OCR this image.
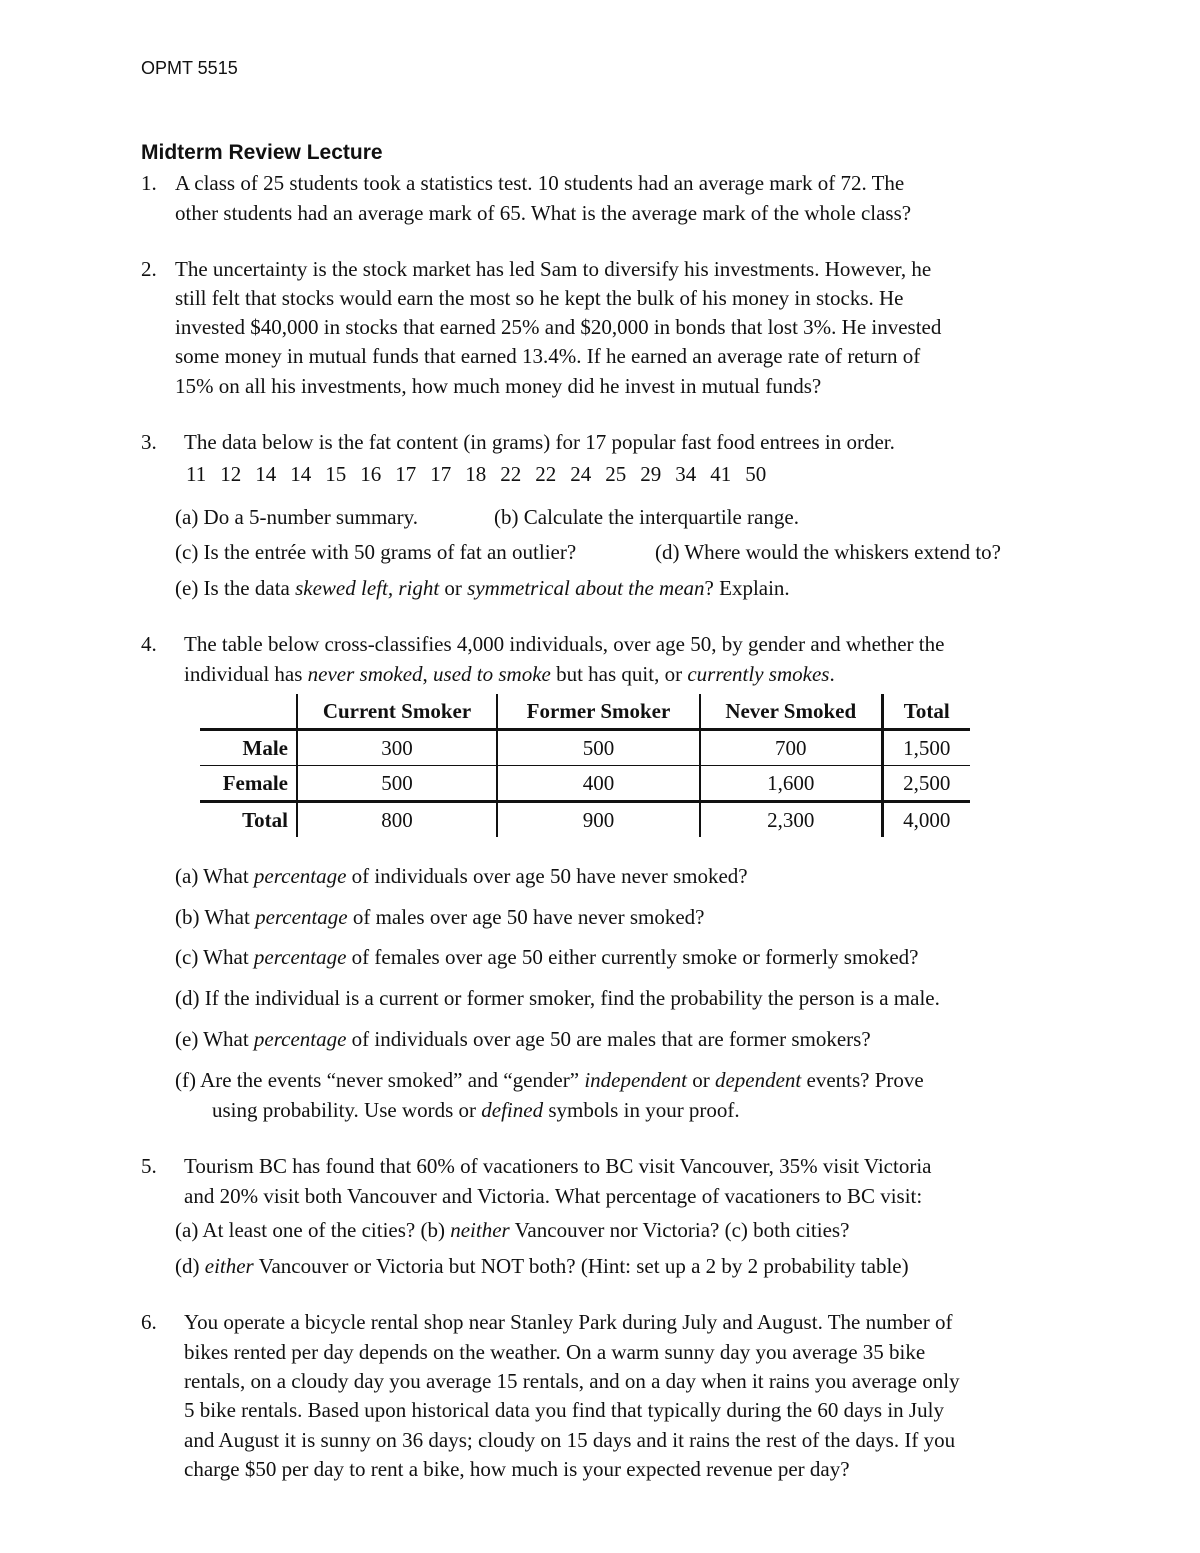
OPMT 5515
Midterm Review Lecture
1. A class of 25 students took a statistics test. 10 students had an average mark of 72. The
other students had an average mark of 65. What is the average mark of the whole class?
2. The uncertainty is the stock market has led Sam to diversify his investments. However, he
still felt that stocks would earn the most so he kept the bulk of his money in stocks. He
invested $40,000 in stocks that earned 25% and $20,000 in bonds that lost 3%. He invested
some money in mutual funds that earned 13.4%. If he earned an average rate of return of
15% on all his investments, how much money did he invest in mutual funds?
3. The data below is the fat content (in grams) for 17 popular fast food entrees in order.
11 12 14 14 15 16 17 17 18 22 22 24 25 29 34 41 50
(a) Do a 5-number summary.	(b) Calculate the interquartile range.
(c) Is the entrée with 50 grams of fat an outlier?	(d) Where would the whiskers extend to?
(e) Is the data skewed left, right or symmetrical about the mean? Explain.
4. The table below cross-classifies 4,000 individuals, over age 50, by gender and whether the
individual has never smoked, used to smoke but has quit, or currently smokes.
	Current Smoker	Former Smoker	Never Smoked	Total
Male	300	500	700	1,500
Female	500	400	1,600	2,500
Total	800	900	2,300	4,000
(a) What percentage of individuals over age 50 have never smoked?
(b) What percentage of males over age 50 have never smoked?
(c) What percentage of females over age 50 either currently smoke or formerly smoked?
(d) If the individual is a current or former smoker, find the probability the person is a male.
(e) What percentage of individuals over age 50 are males that are former smokers?
(f) Are the events “never smoked” and “gender” independent or dependent events? Prove
using probability. Use words or defined symbols in your proof.
5. Tourism BC has found that 60% of vacationers to BC visit Vancouver, 35% visit Victoria
and 20% visit both Vancouver and Victoria. What percentage of vacationers to BC visit:
(a) At least one of the cities? (b) neither Vancouver nor Victoria? (c) both cities?
(d) either Vancouver or Victoria but NOT both? (Hint: set up a 2 by 2 probability table)
6. You operate a bicycle rental shop near Stanley Park during July and August. The number of
bikes rented per day depends on the weather. On a warm sunny day you average 35 bike
rentals, on a cloudy day you average 15 rentals, and on a day when it rains you average only
5 bike rentals. Based upon historical data you find that typically during the 60 days in July
and August it is sunny on 36 days; cloudy on 15 days and it rains the rest of the days. If you
charge $50 per day to rent a bike, how much is your expected revenue per day?
